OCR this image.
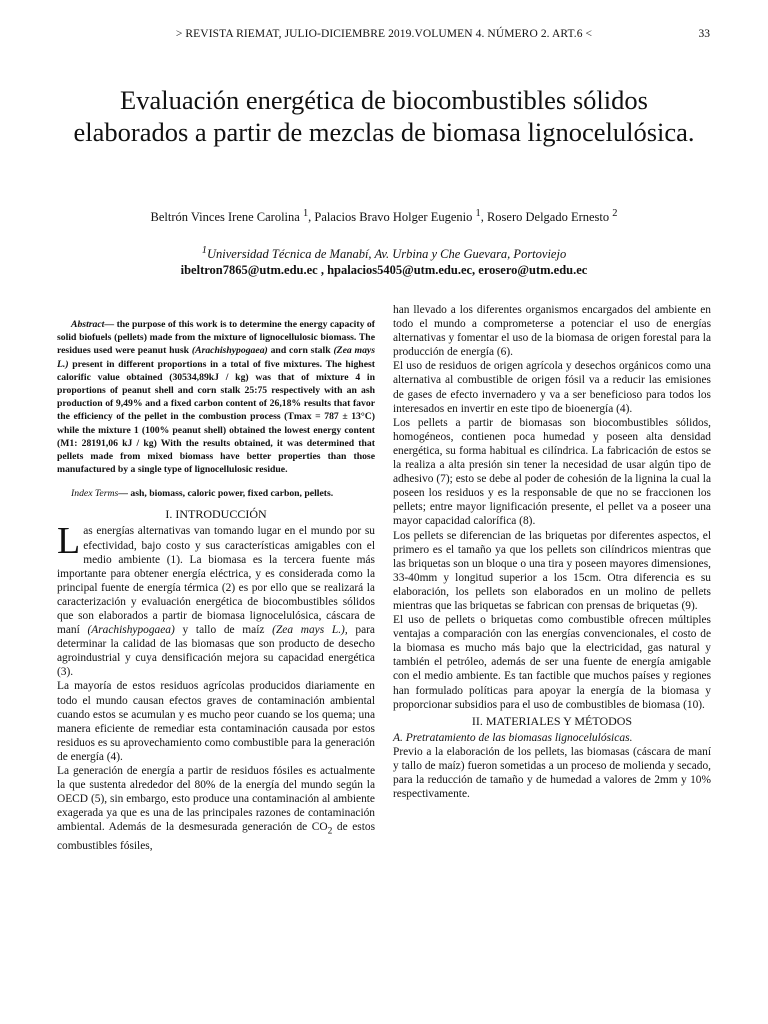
> REVISTA RIEMAT, JULIO-DICIEMBRE 2019.VOLUMEN 4. NÚMERO 2. ART.6 <	33
Evaluación energética de biocombustibles sólidos elaborados a partir de mezclas de biomasa lignocelulósica.
Beltrón Vinces Irene Carolina $^1$, Palacios Bravo Holger Eugenio $^1$, Rosero Delgado Ernesto $^2$
$^1$Universidad Técnica de Manabí, Av. Urbina y Che Guevara, Portoviejo
ibeltron7865@utm.edu.ec , hpalacios5405@utm.edu.ec, erosero@utm.edu.ec

Abstract— the purpose of this work is to determine the energy capacity of solid biofuels (pellets) made from the mixture of lignocellulosic biomass. The residues used were peanut husk (Arachishypogaea) and corn stalk (Zea mays L.) present in different proportions in a total of five mixtures. The highest calorific value obtained (30534,89kJ / kg) was that of mixture 4 in proportions of peanut shell and corn stalk 25:75 respectively with an ash production of 9,49% and a fixed carbon content of 26,18% results that favor the efficiency of the pellet in the combustion process (Tmax = 787 ± 13°C) while the mixture 1 (100% peanut shell) obtained the lowest energy content (M1: 28191,06 kJ / kg) With the results obtained, it was determined that pellets made from mixed biomass have better properties than those manufactured by a single type of lignocellulosic residue.

Index Terms— ash, biomass, caloric power, fixed carbon, pellets.

I. INTRODUCCIÓN

Las energías alternativas van tomando lugar en el mundo por su efectividad, bajo costo y sus características amigables con el medio ambiente (1). La biomasa es la tercera fuente más importante para obtener energía eléctrica, y es considerada como la principal fuente de energía térmica (2) es por ello que se realizará la caracterización y evaluación energética de biocombustibles sólidos que son elaborados a partir de biomasa lignocelulósica, cáscara de maní (Arachishypogaea) y tallo de maíz (Zea mays L.), para determinar la calidad de las biomasas que son producto de desecho agroindustrial y cuya densificación mejora su capacidad energética (3).

La mayoría de estos residuos agrícolas producidos diariamente en todo el mundo causan efectos graves de contaminación ambiental cuando estos se acumulan y es mucho peor cuando se los quema; una manera eficiente de remediar esta contaminación causada por estos residuos es su aprovechamiento como combustible para la generación de energía (4).

La generación de energía a partir de residuos fósiles es actualmente la que sustenta alrededor del 80% de la energía del mundo según la OECD (5), sin embargo, esto produce una contaminación al ambiente exagerada ya que es una de las principales razones de contaminación ambiental. Además de la desmesurada generación de $CO_2$ de estos combustibles fósiles,

han llevado a los diferentes organismos encargados del ambiente en todo el mundo a comprometerse a potenciar el uso de energías alternativas y fomentar el uso de la biomasa de origen forestal para la producción de energía (6).

El uso de residuos de origen agrícola y desechos orgánicos como una alternativa al combustible de origen fósil va a reducir las emisiones de gases de efecto invernadero y va a ser beneficioso para todos los interesados en invertir en este tipo de bioenergía (4).

Los pellets a partir de biomasas son biocombustibles sólidos, homogéneos, contienen poca humedad y poseen alta densidad energética, su forma habitual es cilíndrica. La fabricación de estos se la realiza a alta presión sin tener la necesidad de usar algún tipo de adhesivo (7); esto se debe al poder de cohesión de la lignina la cual la poseen los residuos y es la responsable de que no se fraccionen los pellets; entre mayor lignificación presente, el pellet va a poseer una mayor capacidad calorífica (8).

Los pellets se diferencian de las briquetas por diferentes aspectos, el primero es el tamaño ya que los pellets son cilíndricos mientras que las briquetas son un bloque o una tira y poseen mayores dimensiones, 33-40mm y longitud superior a los 15cm. Otra diferencia es su elaboración, los pellets son elaborados en un molino de pellets mientras que las briquetas se fabrican con prensas de briquetas (9).

El uso de pellets o briquetas como combustible ofrecen múltiples ventajas a comparación con las energías convencionales, el costo de la biomasa es mucho más bajo que la electricidad, gas natural y también el petróleo, además de ser una fuente de energía amigable con el medio ambiente. Es tan factible que muchos países y regiones han formulado políticas para apoyar la energía de la biomasa y proporcionar subsidios para el uso de combustibles de biomasa (10).

II. MATERIALES Y MÉTODOS

A. Pretratamiento de las biomasas lignocelulósicas.

Previo a la elaboración de los pellets, las biomasas (cáscara de maní y tallo de maíz) fueron sometidas a un proceso de molienda y secado, para la reducción de tamaño y de humedad a valores de 2mm y 10% respectivamente.
